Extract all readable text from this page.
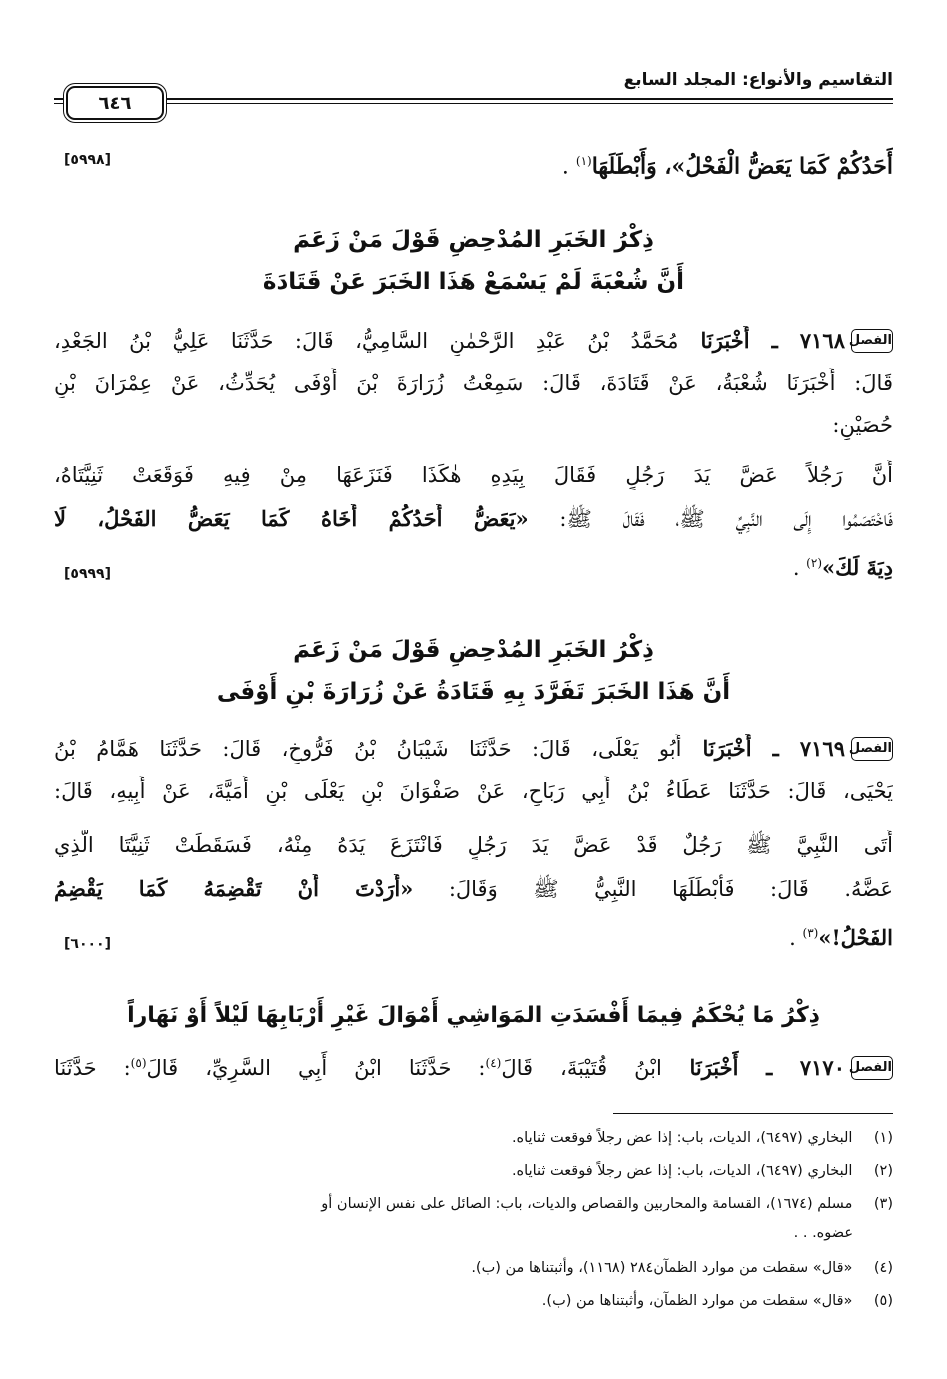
التقاسيم والأنواع: المجلد السابع
٦٤٦
أَحَدُكُمْ كَمَا يَعَضُّ الْفَحْلُ»، وَأَبْطَلَهَا$^{(١)}$ .
[٥٩٩٨]
ذِكْرُ الخَبَرِ المُدْحِضِ قَوْلَ مَنْ زَعَمَ
أَنَّ شُعْبَةَ لَمْ يَسْمَعْ هَذَا الخَبَرَ عَنْ قَتَادَةَ
الفصل٧١٦٨ ـ أَخْبَرَنَا مُحَمَّدُ بْنُ عَبْدِ الرَّحْمٰنِ السَّامِيُّ، قَالَ: حَدَّثَنَا عَلِيُّ بْنُ الجَعْدِ،
قَالَ: أَخْبَرَنَا شُعْبَةُ، عَنْ قَتَادَةَ، قَالَ: سَمِعْتُ زُرَارَةَ بْنَ أَوْفَى يُحَدِّثُ، عَنْ عِمْرَانَ بْنِ
حُصَيْنٍ:
أَنَّ رَجُلاً عَضَّ يَدَ رَجُلٍ فَقَالَ بِيَدِهِ هٰكَذَا فَنَزَعَهَا مِنْ فِيهِ فَوَقَعَتْ ثَنِيَّتَاهُ،
فَاخْتَصَمُوا إِلَى النَّبِيِّ ﷺ، فَقَالَ ﷺ: «يَعَضُّ أَحَدُكُمْ أَخَاهُ كَمَا يَعَضُّ الفَحْلُ، لَا
دِيَةَ لَكَ»$^{(٢)}$ .
[٥٩٩٩]
ذِكْرُ الخَبَرِ المُدْحِضِ قَوْلَ مَنْ زَعَمَ
أَنَّ هَذَا الخَبَرَ تَفَرَّدَ بِهِ قَتَادَةُ عَنْ زُرَارَةَ بْنِ أَوْفَى
الفصل٧١٦٩ ـ أَخْبَرَنَا أَبُو يَعْلَى، قَالَ: حَدَّثَنَا شَيْبَانُ بْنُ فَرُّوخٍ، قَالَ: حَدَّثَنَا هَمَّامُ بْنُ
يَحْيَى، قَالَ: حَدَّثَنَا عَطَاءُ بْنُ أَبِي رَبَاحٍ، عَنْ صَفْوَانَ بْنِ يَعْلَى بْنِ أُمَيَّةَ، عَنْ أَبِيهِ، قَالَ:
أَتَى النَّبِيَّ ﷺ رَجُلٌ قَدْ عَضَّ يَدَ رَجُلٍ فَانْتَزَعَ يَدَهُ مِنْهُ، فَسَقَطَتْ ثَنِيَّتَا الَّذِي
عَضَّهُ. قَالَ: فَأَبْطَلَهَا النَّبِيُّ ﷺ وَقَالَ: «أَرَدْتَ أَنْ تَقْضِمَهُ كَمَا يَقْضِمُ
الفَحْلُ!»$^{(٣)}$ .
[٦٠٠٠]
ذِكْرُ مَا يُحْكَمُ فِيمَا أَفْسَدَتِ المَوَاشِي أَمْوَالَ غَيْرِ أَرْبَابِهَا لَيْلاً أَوْ نَهَاراً
الفصل٧١٧٠ ـ أَخْبَرَنَا ابْنُ قُتَيْبَةَ، قَالَ$^{(٤)}$: حَدَّثَنَا ابْنُ أَبِي السَّرِيِّ، قَالَ$^{(٥)}$: حَدَّثَنَا
(١) البخاري (٦٤٩٧)، الديات، باب: إذا عض رجلاً فوقعت ثناياه.
(٢) البخاري (٦٤٩٧)، الديات، باب: إذا عض رجلاً فوقعت ثناياه.
(٣) مسلم (١٦٧٤)، القسامة والمحاربين والقصاص والديات، باب: الصائل على نفس الإنسان أو
عضوه. . .
(٤) «قال» سقطت من موارد الظمآن٢٨٤ (١١٦٨)، وأثبتناها من (ب).
(٥) «قال» سقطت من موارد الظمآن، وأثبتناها من (ب).
